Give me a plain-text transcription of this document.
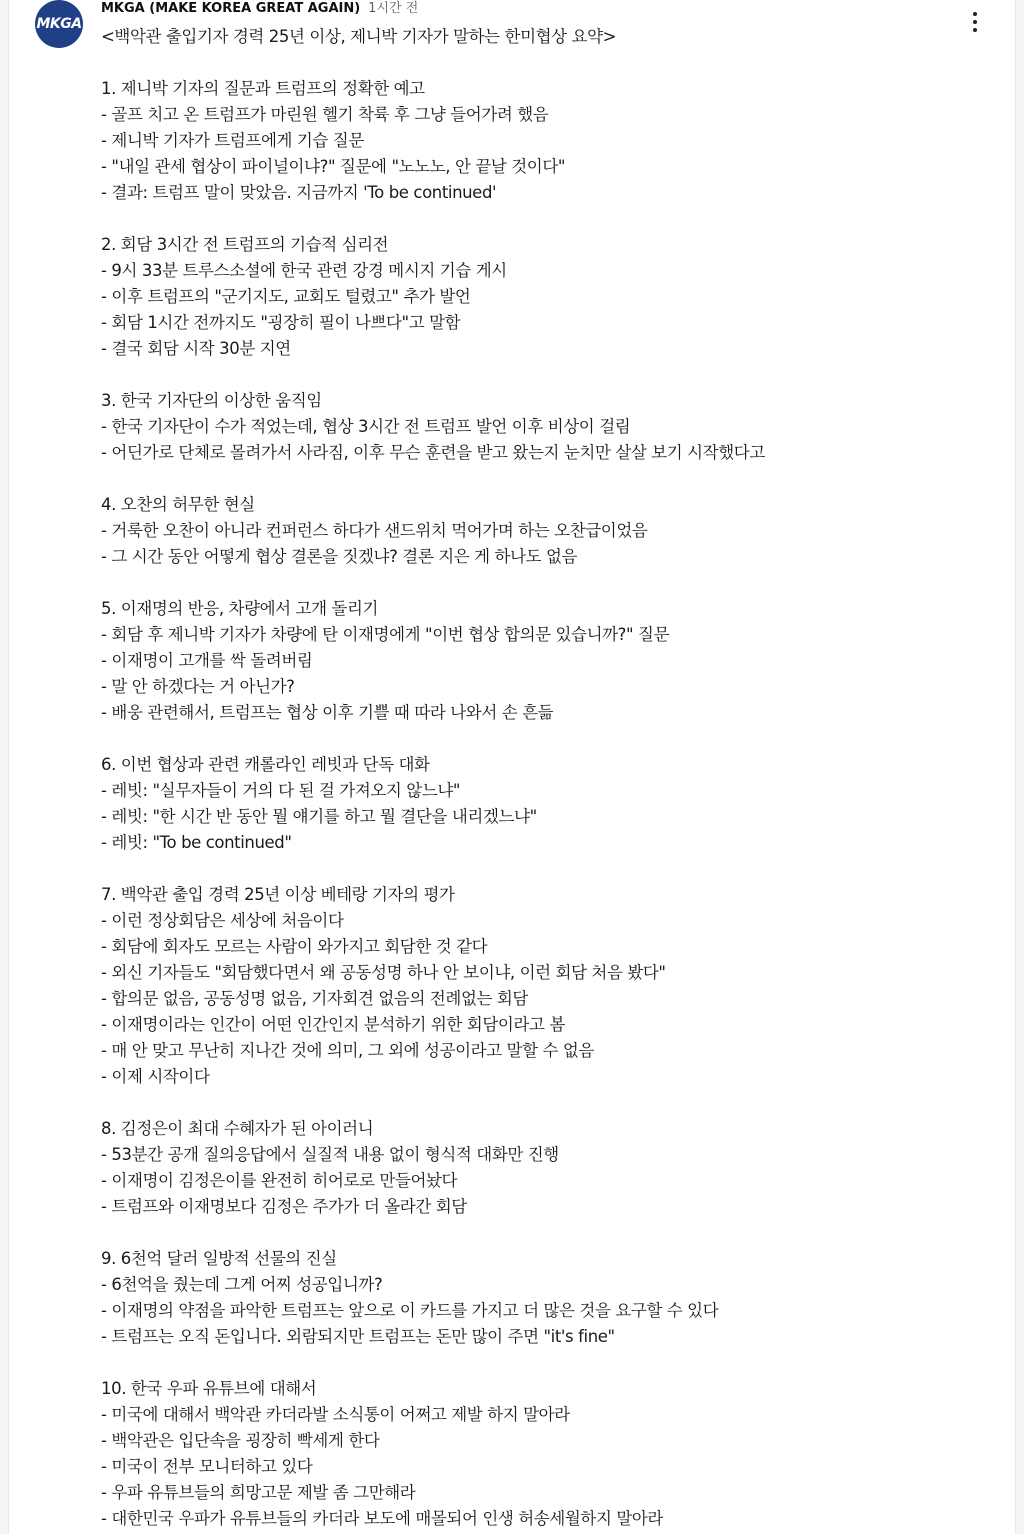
MKGA
MKGA (MAKE KOREA GREAT AGAIN) 1시간 전
<백악관 출입기자 경력 25년 이상, 제니박 기자가 말하는 한미협상 요약>
1. 제니박 기자의 질문과 트럼프의 정확한 예고
- 골프 치고 온 트럼프가 마린원 헬기 착륙 후 그냥 들어가려 했음
- 제니박 기자가 트럼프에게 기습 질문
- "내일 관세 협상이 파이널이냐?" 질문에 "노노노, 안 끝날 것이다"
- 결과: 트럼프 말이 맞았음. 지금까지 'To be continued'
2. 회담 3시간 전 트럼프의 기습적 심리전
- 9시 33분 트루스소셜에 한국 관련 강경 메시지 기습 게시
- 이후 트럼프의 "군기지도, 교회도 털렸고" 추가 발언
- 회담 1시간 전까지도 "굉장히 필이 나쁘다"고 말함
- 결국 회담 시작 30분 지연
3. 한국 기자단의 이상한 움직임
- 한국 기자단이 수가 적었는데, 협상 3시간 전 트럼프 발언 이후 비상이 걸림
- 어딘가로 단체로 몰려가서 사라짐, 이후 무슨 훈련을 받고 왔는지 눈치만 살살 보기 시작했다고
4. 오찬의 허무한 현실
- 거룩한 오찬이 아니라 컨퍼런스 하다가 샌드위치 먹어가며 하는 오찬급이었음
- 그 시간 동안 어떻게 협상 결론을 짓겠냐? 결론 지은 게 하나도 없음
5. 이재명의 반응, 차량에서 고개 돌리기
- 회담 후 제니박 기자가 차량에 탄 이재명에게 "이번 협상 합의문 있습니까?" 질문
- 이재명이 고개를 싹 돌려버림
- 말 안 하겠다는 거 아닌가?
- 배웅 관련해서, 트럼프는 협상 이후 기쁠 때 따라 나와서 손 흔듦
6. 이번 협상과 관련 캐롤라인 레빗과 단독 대화
- 레빗: "실무자들이 거의 다 된 걸 가져오지 않느냐"
- 레빗: "한 시간 반 동안 뭘 얘기를 하고 뭘 결단을 내리겠느냐"
- 레빗: "To be continued"
7. 백악관 출입 경력 25년 이상 베테랑 기자의 평가
- 이런 정상회담은 세상에 처음이다
- 회담에 회자도 모르는 사람이 와가지고 회담한 것 같다
- 외신 기자들도 "회담했다면서 왜 공동성명 하나 안 보이냐, 이런 회담 처음 봤다"
- 합의문 없음, 공동성명 없음, 기자회견 없음의 전례없는 회담
- 이재명이라는 인간이 어떤 인간인지 분석하기 위한 회담이라고 봄
- 매 안 맞고 무난히 지나간 것에 의미, 그 외에 성공이라고 말할 수 없음
- 이제 시작이다
8. 김정은이 최대 수혜자가 된 아이러니
- 53분간 공개 질의응답에서 실질적 내용 없이 형식적 대화만 진행
- 이재명이 김정은이를 완전히 히어로로 만들어놨다
- 트럼프와 이재명보다 김정은 주가가 더 올라간 회담
9. 6천억 달러 일방적 선물의 진실
- 6천억을 줬는데 그게 어찌 성공입니까?
- 이재명의 약점을 파악한 트럼프는 앞으로 이 카드를 가지고 더 많은 것을 요구할 수 있다
- 트럼프는 오직 돈입니다. 외람되지만 트럼프는 돈만 많이 주면 "it's fine"
10. 한국 우파 유튜브에 대해서
- 미국에 대해서 백악관 카더라발 소식통이 어쩌고 제발 하지 말아라
- 백악관은 입단속을 굉장히 빡세게 한다
- 미국이 전부 모니터하고 있다
- 우파 유튜브들의 희망고문 제발 좀 그만해라
- 대한민국 우파가 유튜브들의 카더라 보도에 매몰되어 인생 허송세월하지 말아라
